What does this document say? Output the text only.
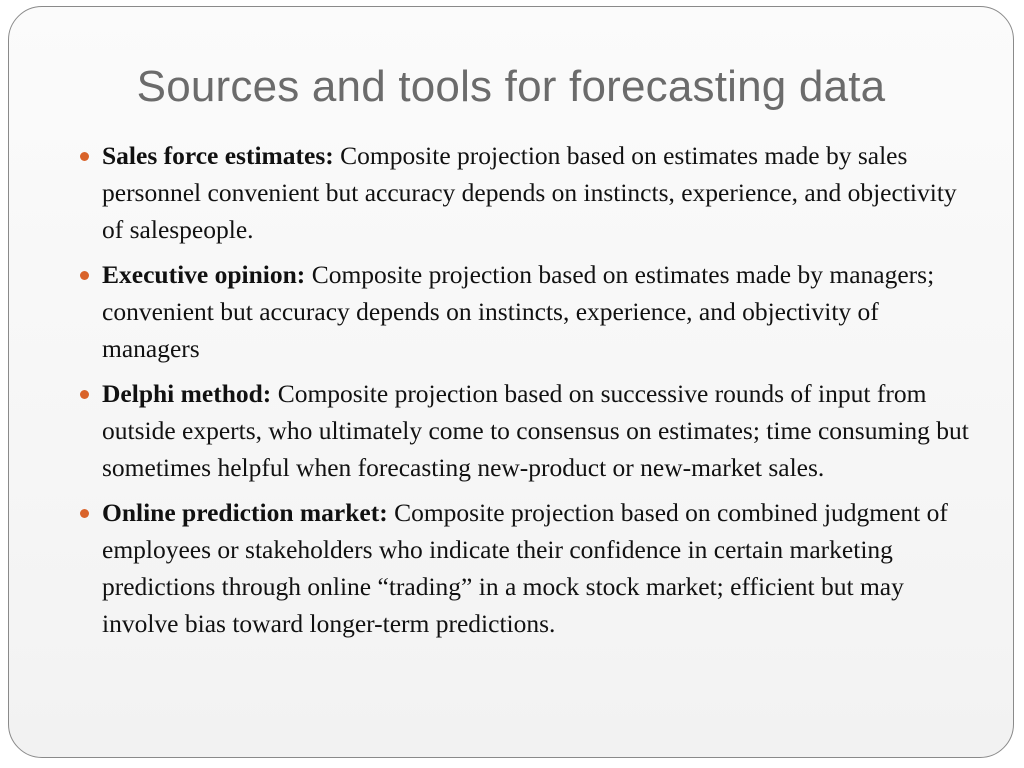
Sources and tools for forecasting data
Sales force estimates: Composite projection based on estimates made by sales personnel convenient but accuracy depends on instincts, experience, and objectivity of salespeople.
Executive opinion: Composite projection based on estimates made by managers; convenient but accuracy depends on instincts, experience, and objectivity of managers
Delphi method: Composite projection based on successive rounds of input from outside experts, who ultimately come to consensus on estimates; time consuming but sometimes helpful when forecasting new-product or new-market sales.
Online prediction market: Composite projection based on combined judgment of employees or stakeholders who indicate their confidence in certain marketing predictions through online “trading” in a mock stock market; efficient but may involve bias toward longer-term predictions.
